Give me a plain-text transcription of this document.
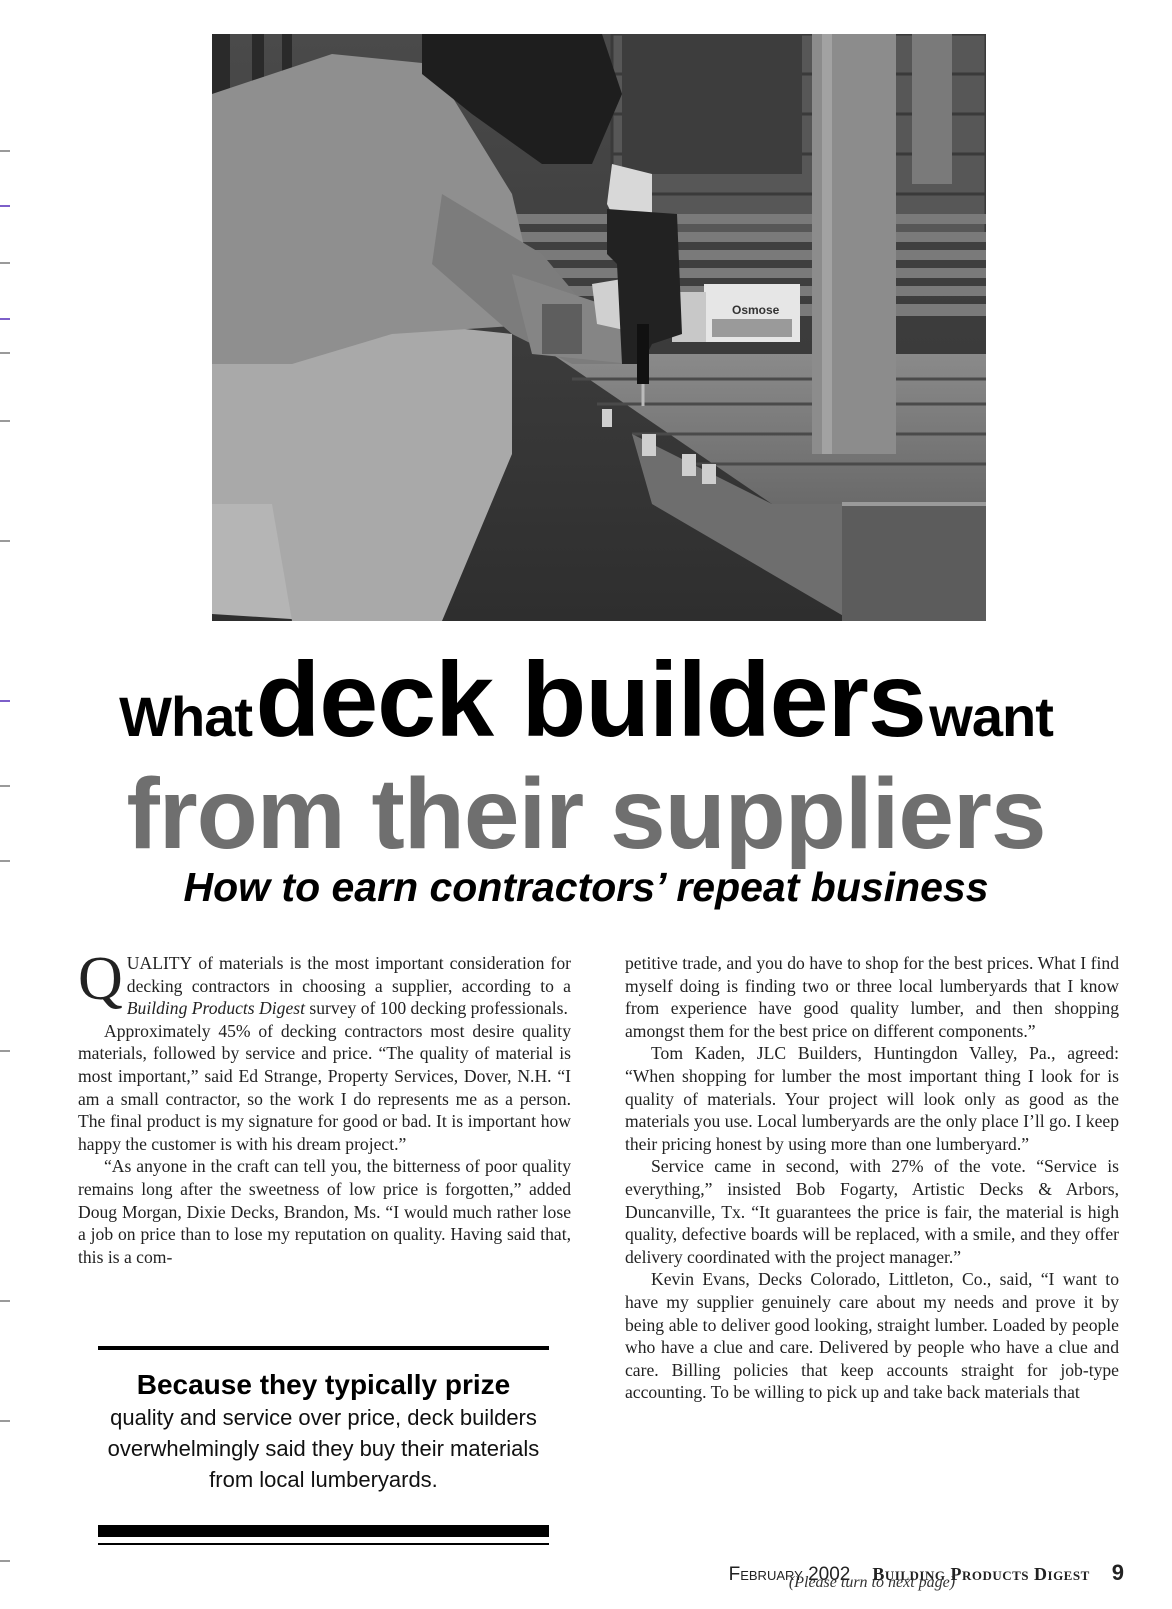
Osmose
What deck builders want
from their suppliers
How to earn contractors’ repeat business

QUALITY of materials is the most important consideration for decking contractors in choosing a supplier, according to a Building Products Digest survey of 100 decking professionals.

Approximately 45% of decking contractors most desire quality materials, followed by service and price. “The quality of material is most important,” said Ed Strange, Property Services, Dover, N.H. “I am a small contractor, so the work I do represents me as a person. The final product is my signature for good or bad. It is important how happy the customer is with his dream project.”

“As anyone in the craft can tell you, the bitterness of poor quality remains long after the sweetness of low price is forgotten,” added Doug Morgan, Dixie Decks, Brandon, Ms. “I would much rather lose a job on price than to lose my reputation on quality. Having said that, this is a com-

Because they typically prize
quality and service over price, deck builders overwhelmingly said they buy their materials from local lumberyards.

petitive trade, and you do have to shop for the best prices. What I find myself doing is finding two or three local lumberyards that I know from experience have good quality lumber, and then shopping amongst them for the best price on different components.”

Tom Kaden, JLC Builders, Huntingdon Valley, Pa., agreed: “When shopping for lumber the most important thing I look for is quality of materials. Your project will look only as good as the materials you use. Local lumberyards are the only place I’ll go. I keep their pricing honest by using more than one lumberyard.”

Service came in second, with 27% of the vote. “Service is everything,” insisted Bob Fogarty, Artistic Decks & Arbors, Duncanville, Tx. “It guarantees the price is fair, the material is high quality, defective boards will be replaced, with a smile, and they offer delivery coordinated with the project manager.”

Kevin Evans, Decks Colorado, Littleton, Co., said, “I want to have my supplier genuinely care about my needs and prove it by being able to deliver good looking, straight lumber. Loaded by people who have a clue and care. Delivered by people who have a clue and care. Billing policies that keep accounts straight for job-type accounting. To be willing to pick up and take back materials that

(Please turn to next page)
February 2002 Building Products Digest 9
